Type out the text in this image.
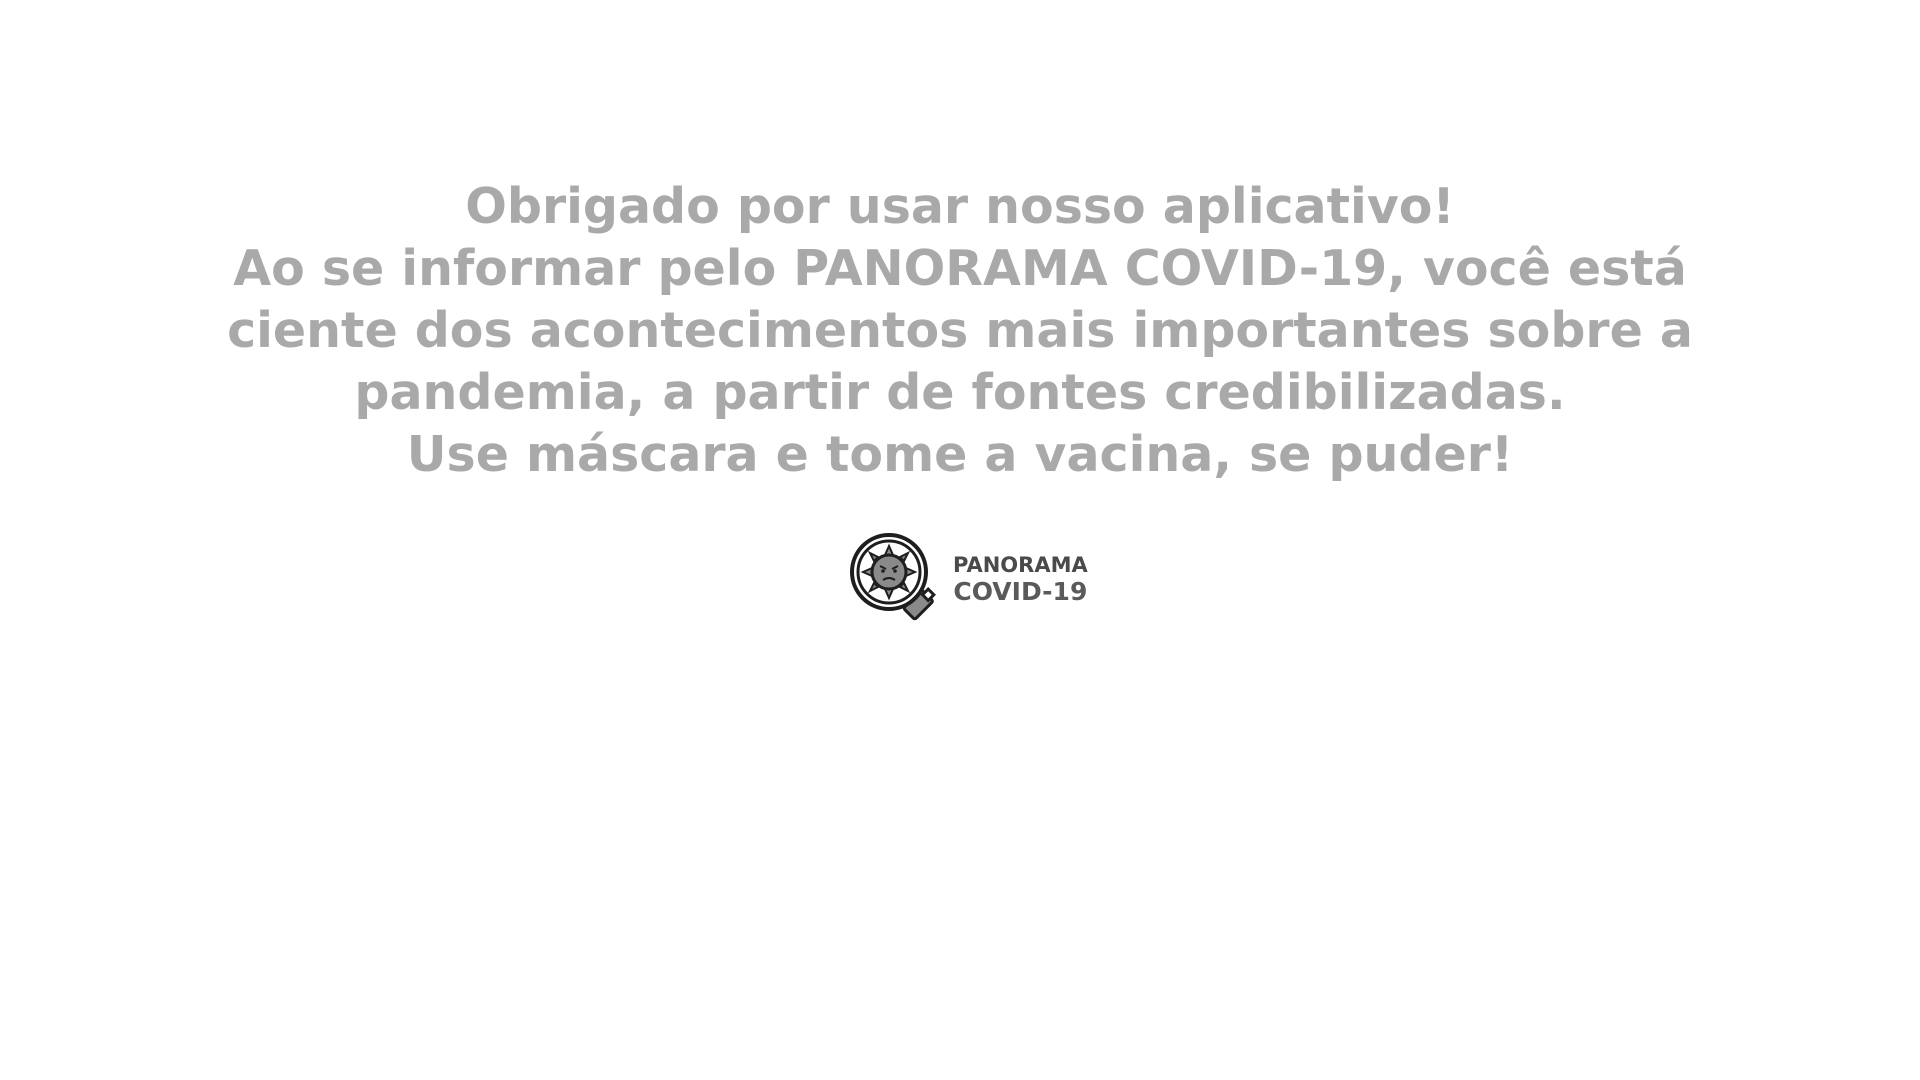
Obrigado por usar nosso aplicativo!
Ao se informar pelo PANORAMA COVID-19, você está
ciente dos acontecimentos mais importantes sobre a
pandemia, a partir de fontes credibilizadas.
Use máscara e tome a vacina, se puder!
PANORAMA
COVID-19
